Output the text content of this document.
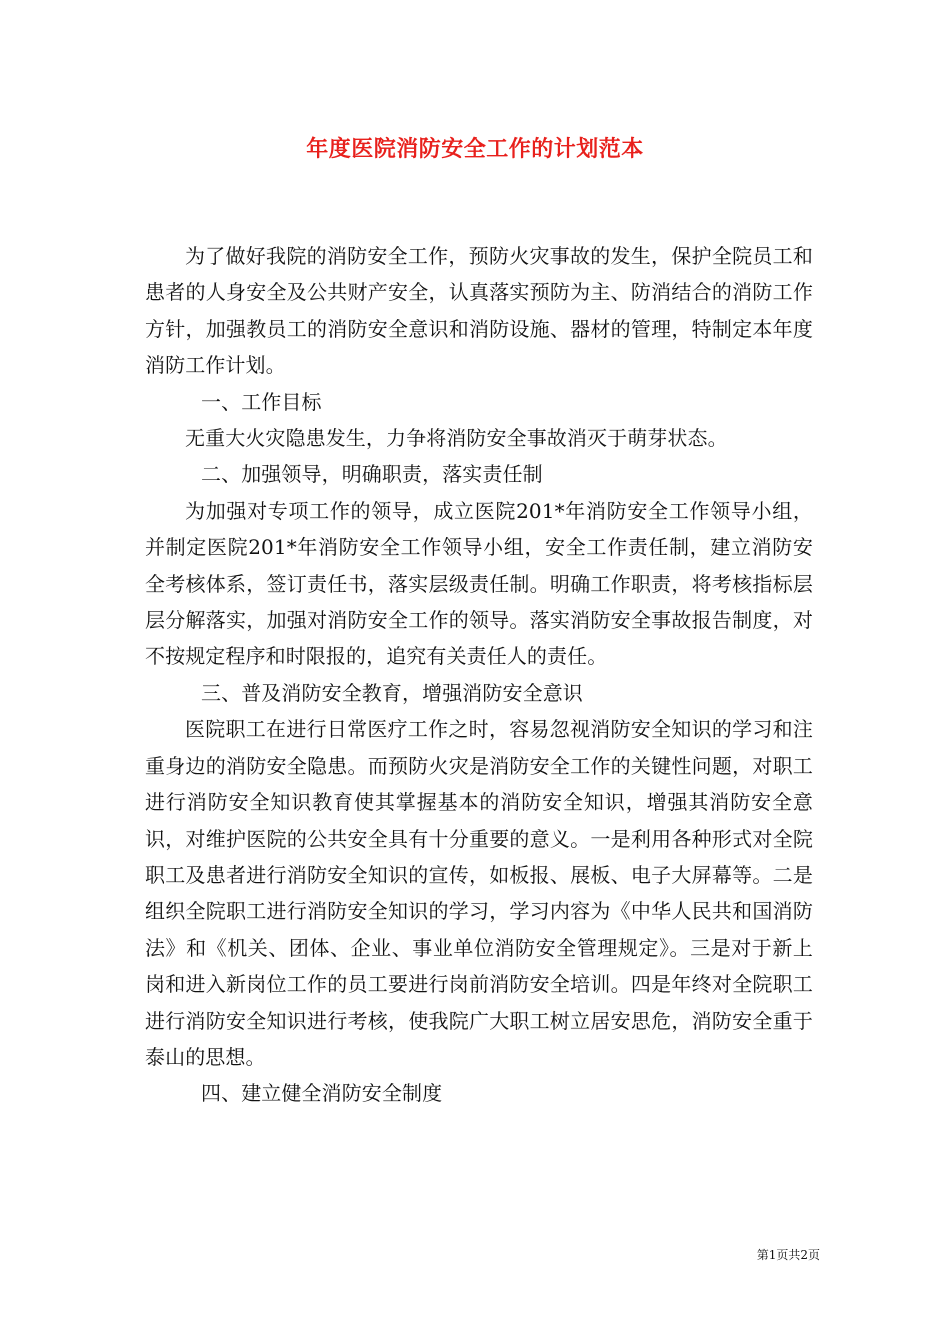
年度医院消防安全工作的计划范本

为了做好我院的消防安全工作，预防火灾事故的发生，保护全院员工和患者的人身安全及公共财产安全，认真落实预防为主、防消结合的消防工作方针，加强教员工的消防安全意识和消防设施、器材的管理，特制定本年度消防工作计划。

一、工作目标

无重大火灾隐患发生，力争将消防安全事故消灭于萌芽状态。

二、加强领导，明确职责，落实责任制

为加强对专项工作的领导，成立医院201*年消防安全工作领导小组，并制定医院201*年消防安全工作领导小组，安全工作责任制，建立消防安全考核体系，签订责任书，落实层级责任制。明确工作职责，将考核指标层层分解落实，加强对消防安全工作的领导。落实消防安全事故报告制度，对不按规定程序和时限报的，追究有关责任人的责任。

三、普及消防安全教育，增强消防安全意识

医院职工在进行日常医疗工作之时，容易忽视消防安全知识的学习和注重身边的消防安全隐患。而预防火灾是消防安全工作的关键性问题，对职工进行消防安全知识教育使其掌握基本的消防安全知识，增强其消防安全意识，对维护医院的公共安全具有十分重要的意义。一是利用各种形式对全院职工及患者进行消防安全知识的宣传，如板报、展板、电子大屏幕等。二是组织全院职工进行消防安全知识的学习，学习内容为《中华人民共和国消防法》和《机关、团体、企业、事业单位消防安全管理规定》。三是对于新上岗和进入新岗位工作的员工要进行岗前消防安全培训。四是年终对全院职工进行消防安全知识进行考核，使我院广大职工树立居安思危，消防安全重于泰山的思想。

四、建立健全消防安全制度

第1页共2页
